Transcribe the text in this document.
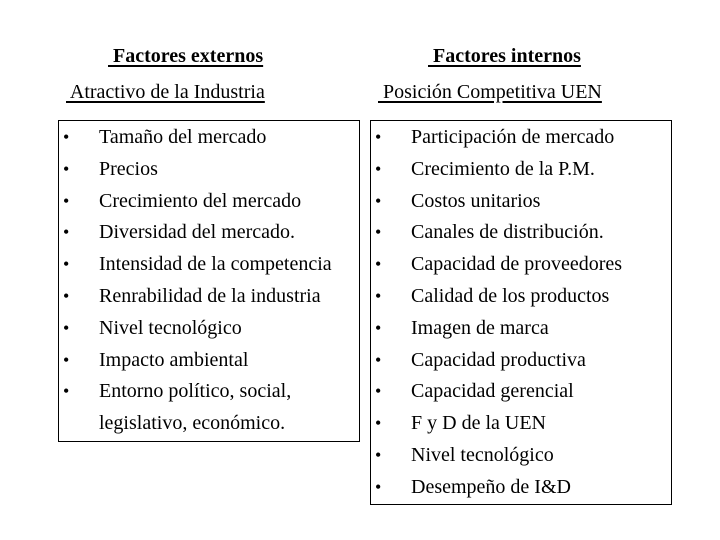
Factores externos
Atractivo de la Industria
Factores internos
Posición Competitiva UEN
• Tamaño del mercado
• Precios
• Crecimiento del mercado
• Diversidad del mercado.
• Intensidad de la competencia
• Renrabilidad de la industria
• Nivel tecnológico
• Impacto ambiental
• Entorno político, social,
legislativo, económico.
• Participación de mercado
• Crecimiento de la P.M.
• Costos unitarios
• Canales de distribución.
• Capacidad de proveedores
• Calidad de los productos
• Imagen de marca
• Capacidad productiva
• Capacidad gerencial
• F y D de la UEN
• Nivel tecnológico
• Desempeño de I&D
